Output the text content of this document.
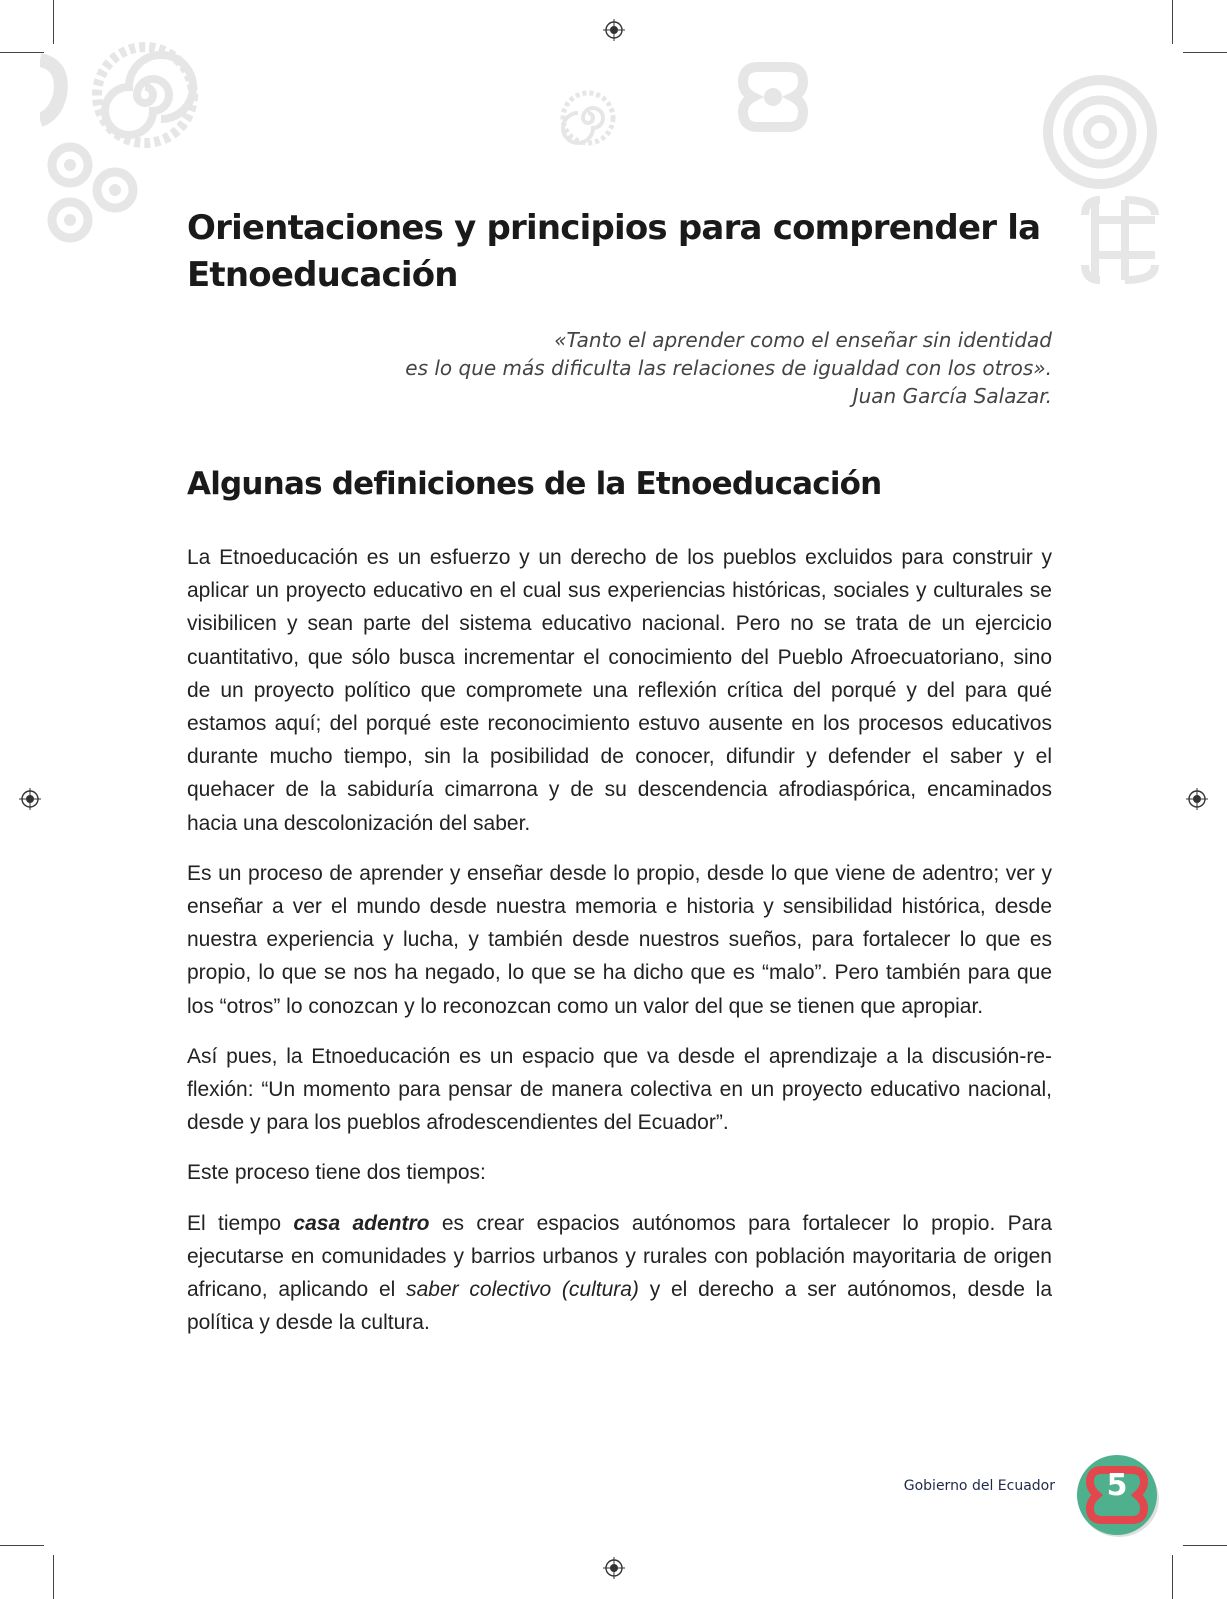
Orientaciones y principios para comprender la
Etnoeducación
«Tanto el aprender como el enseñar sin identidad
es lo que más dificulta las relaciones de igualdad con los otros».
Juan García Salazar.
Algunas definiciones de la Etnoeducación

La Etnoeducación es un esfuerzo y un derecho de los pueblos excluidos para construir y aplicar un proyecto educativo en el cual sus experiencias históricas, sociales y culturales se visibilicen y sean parte del sistema educativo nacional. Pero no se trata de un ejercicio cuantitativo, que sólo busca incrementar el conocimiento del Pueblo Afroecuatoriano, sino de un proyecto político que compromete una reflexión crítica del porqué y del para qué estamos aquí; del porqué este reconocimiento estuvo ausente en los procesos educativos durante mucho tiempo, sin la posibilidad de conocer, difundir y defender el saber y el quehacer de la sabiduría cimarrona y de su descendencia afrodiaspórica, encaminados hacia una descolonización del saber.

Es un proceso de aprender y enseñar desde lo propio, desde lo que viene de adentro; ver y enseñar a ver el mundo desde nuestra memoria e historia y sensibilidad histórica, desde nuestra experiencia y lucha, y también desde nuestros sueños, para fortalecer lo que es propio, lo que se nos ha negado, lo que se ha dicho que es “malo”. Pero también para que los “otros” lo conozcan y lo reconozcan como un valor del que se tienen que apropiar.

Así pues, la Etnoeducación es un espacio que va desde el aprendizaje a la discusión-reflexión: “Un momento para pensar de manera colectiva en un proyecto educativo nacional, desde y para los pueblos afrodescendientes del Ecuador”.

Este proceso tiene dos tiempos:

El tiempo casa adentro es crear espacios autónomos para fortalecer lo propio. Para ejecutarse en comunidades y barrios urbanos y rurales con población mayoritaria de origen africano, aplicando el saber colectivo (cultura) y el derecho a ser autónomos, desde la política y desde la cultura.

Gobierno del Ecuador	5
